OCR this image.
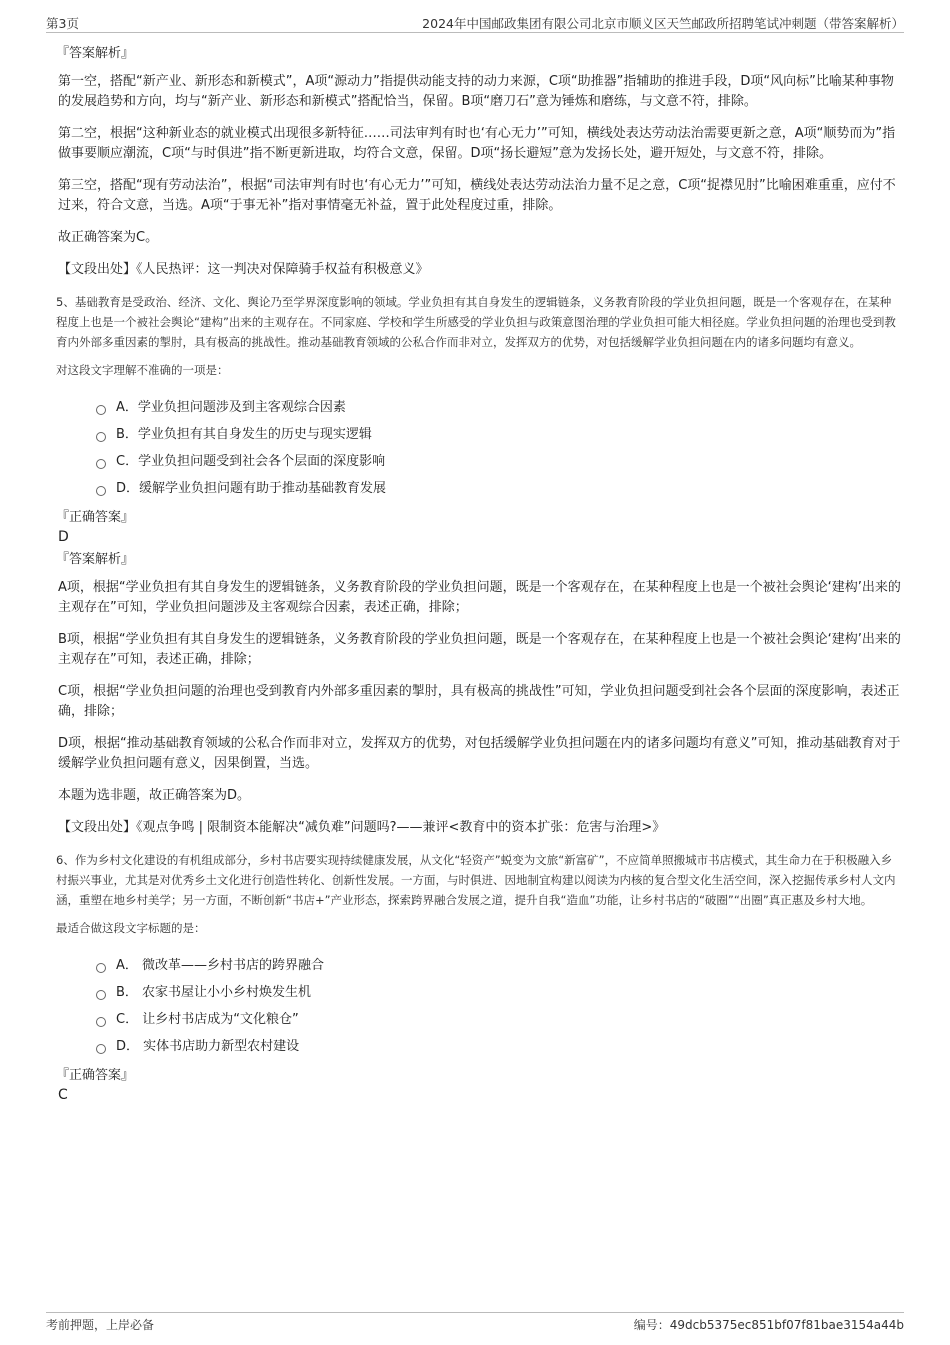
第3页	2024年中国邮政集团有限公司北京市顺义区天竺邮政所招聘笔试冲刺题（带答案解析）

『答案解析』

第一空，搭配“新产业、新形态和新模式”，A项“源动力”指提供动能支持的动力来源，C项“助推器”指辅助的推进手段，D项“风向标”比喻某种事物的发展趋势和方向，均与“新产业、新形态和新模式”搭配恰当，保留。B项“磨刀石”意为锤炼和磨练，与文意不符，排除。

第二空，根据“这种新业态的就业模式出现很多新特征……司法审判有时也‘有心无力’”可知，横线处表达劳动法治需要更新之意，A项“顺势而为”指做事要顺应潮流，C项“与时俱进”指不断更新进取，均符合文意，保留。D项“扬长避短”意为发扬长处，避开短处，与文意不符，排除。

第三空，搭配“现有劳动法治”，根据“司法审判有时也‘有心无力’”可知，横线处表达劳动法治力量不足之意，C项“捉襟见肘”比喻困难重重，应付不过来，符合文意，当选。A项“于事无补”指对事情毫无补益，置于此处程度过重，排除。

故正确答案为C。

【文段出处】《人民热评：这一判决对保障骑手权益有积极意义》

5、基础教育是受政治、经济、文化、舆论乃至学界深度影响的领域。学业负担有其自身发生的逻辑链条，义务教育阶段的学业负担问题，既是一个客观存在，在某种程度上也是一个被社会舆论“建构”出来的主观存在。不同家庭、学校和学生所感受的学业负担与政策意图治理的学业负担可能大相径庭。学业负担问题的治理也受到教育内外部多重因素的掣肘，具有极高的挑战性。推动基础教育领域的公私合作而非对立，发挥双方的优势，对包括缓解学业负担问题在内的诸多问题均有意义。

对这段文字理解不准确的一项是：

A．学业负担问题涉及到主客观综合因素
B．学业负担有其自身发生的历史与现实逻辑
C．学业负担问题受到社会各个层面的深度影响
D．缓解学业负担问题有助于推动基础教育发展

『正确答案』

D

『答案解析』

A项，根据“学业负担有其自身发生的逻辑链条，义务教育阶段的学业负担问题，既是一个客观存在，在某种程度上也是一个被社会舆论‘建构’出来的主观存在”可知，学业负担问题涉及主客观综合因素，表述正确，排除；

B项，根据“学业负担有其自身发生的逻辑链条，义务教育阶段的学业负担问题，既是一个客观存在，在某种程度上也是一个被社会舆论‘建构’出来的主观存在”可知，表述正确，排除；

C项，根据“学业负担问题的治理也受到教育内外部多重因素的掣肘，具有极高的挑战性”可知，学业负担问题受到社会各个层面的深度影响，表述正确，排除；

D项，根据“推动基础教育领域的公私合作而非对立，发挥双方的优势，对包括缓解学业负担问题在内的诸多问题均有意义”可知，推动基础教育对于缓解学业负担问题有意义，因果倒置，当选。

本题为选非题，故正确答案为D。

【文段出处】《观点争鸣 | 限制资本能解决“减负难”问题吗?——兼评<教育中的资本扩张：危害与治理>》

6、作为乡村文化建设的有机组成部分，乡村书店要实现持续健康发展，从文化“轻资产”蜕变为文旅“新富矿”，不应简单照搬城市书店模式，其生命力在于积极融入乡村振兴事业，尤其是对优秀乡土文化进行创造性转化、创新性发展。一方面，与时俱进、因地制宜构建以阅读为内核的复合型文化生活空间，深入挖掘传承乡村人文内涵，重塑在地乡村美学；另一方面，不断创新“书店+”产业形态，探索跨界融合发展之道，提升自我“造血”功能，让乡村书店的“破圈”“出圈”真正惠及乡村大地。

最适合做这段文字标题的是：

A． 微改革——乡村书店的跨界融合
B． 农家书屋让小小乡村焕发生机
C． 让乡村书店成为“文化粮仓”
D． 实体书店助力新型农村建设

『正确答案』

C

考前押题，上岸必备	编号：49dcb5375ec851bf07f81bae3154a44b
